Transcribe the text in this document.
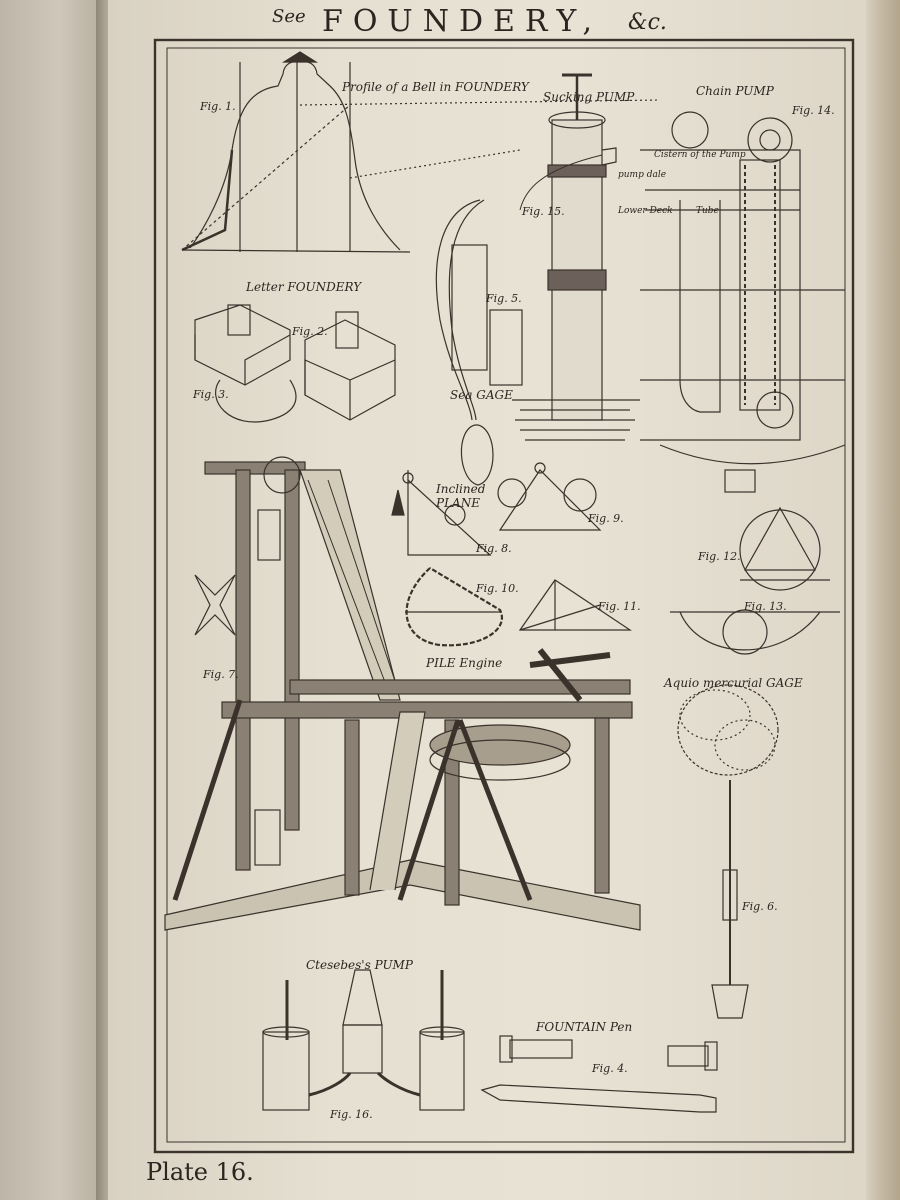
See FOUNDERY, &c.
Profile of a Bell in FOUNDERY
Sucking PUMP	Chain PUMP
Fig. 1.
Letter FOUNDERY
Fig. 2.
Fig. 3.
Fig. 5.
Sea GAGE
Fig. 15.
Fig. 14.
Cistern of the Pump
pump dale
Lower Deck	Tube
Inclined PLANE
Fig. 8.
Fig. 9.
Fig. 10.
Fig. 11.
Fig. 12.
Fig. 13.
PILE Engine
Aquio mercurial GAGE
Fig. 7.
Fig. 6.
Ctesebes's PUMP
Fig. 16.
FOUNTAIN Pen
Fig. 4.
Plate 16.
